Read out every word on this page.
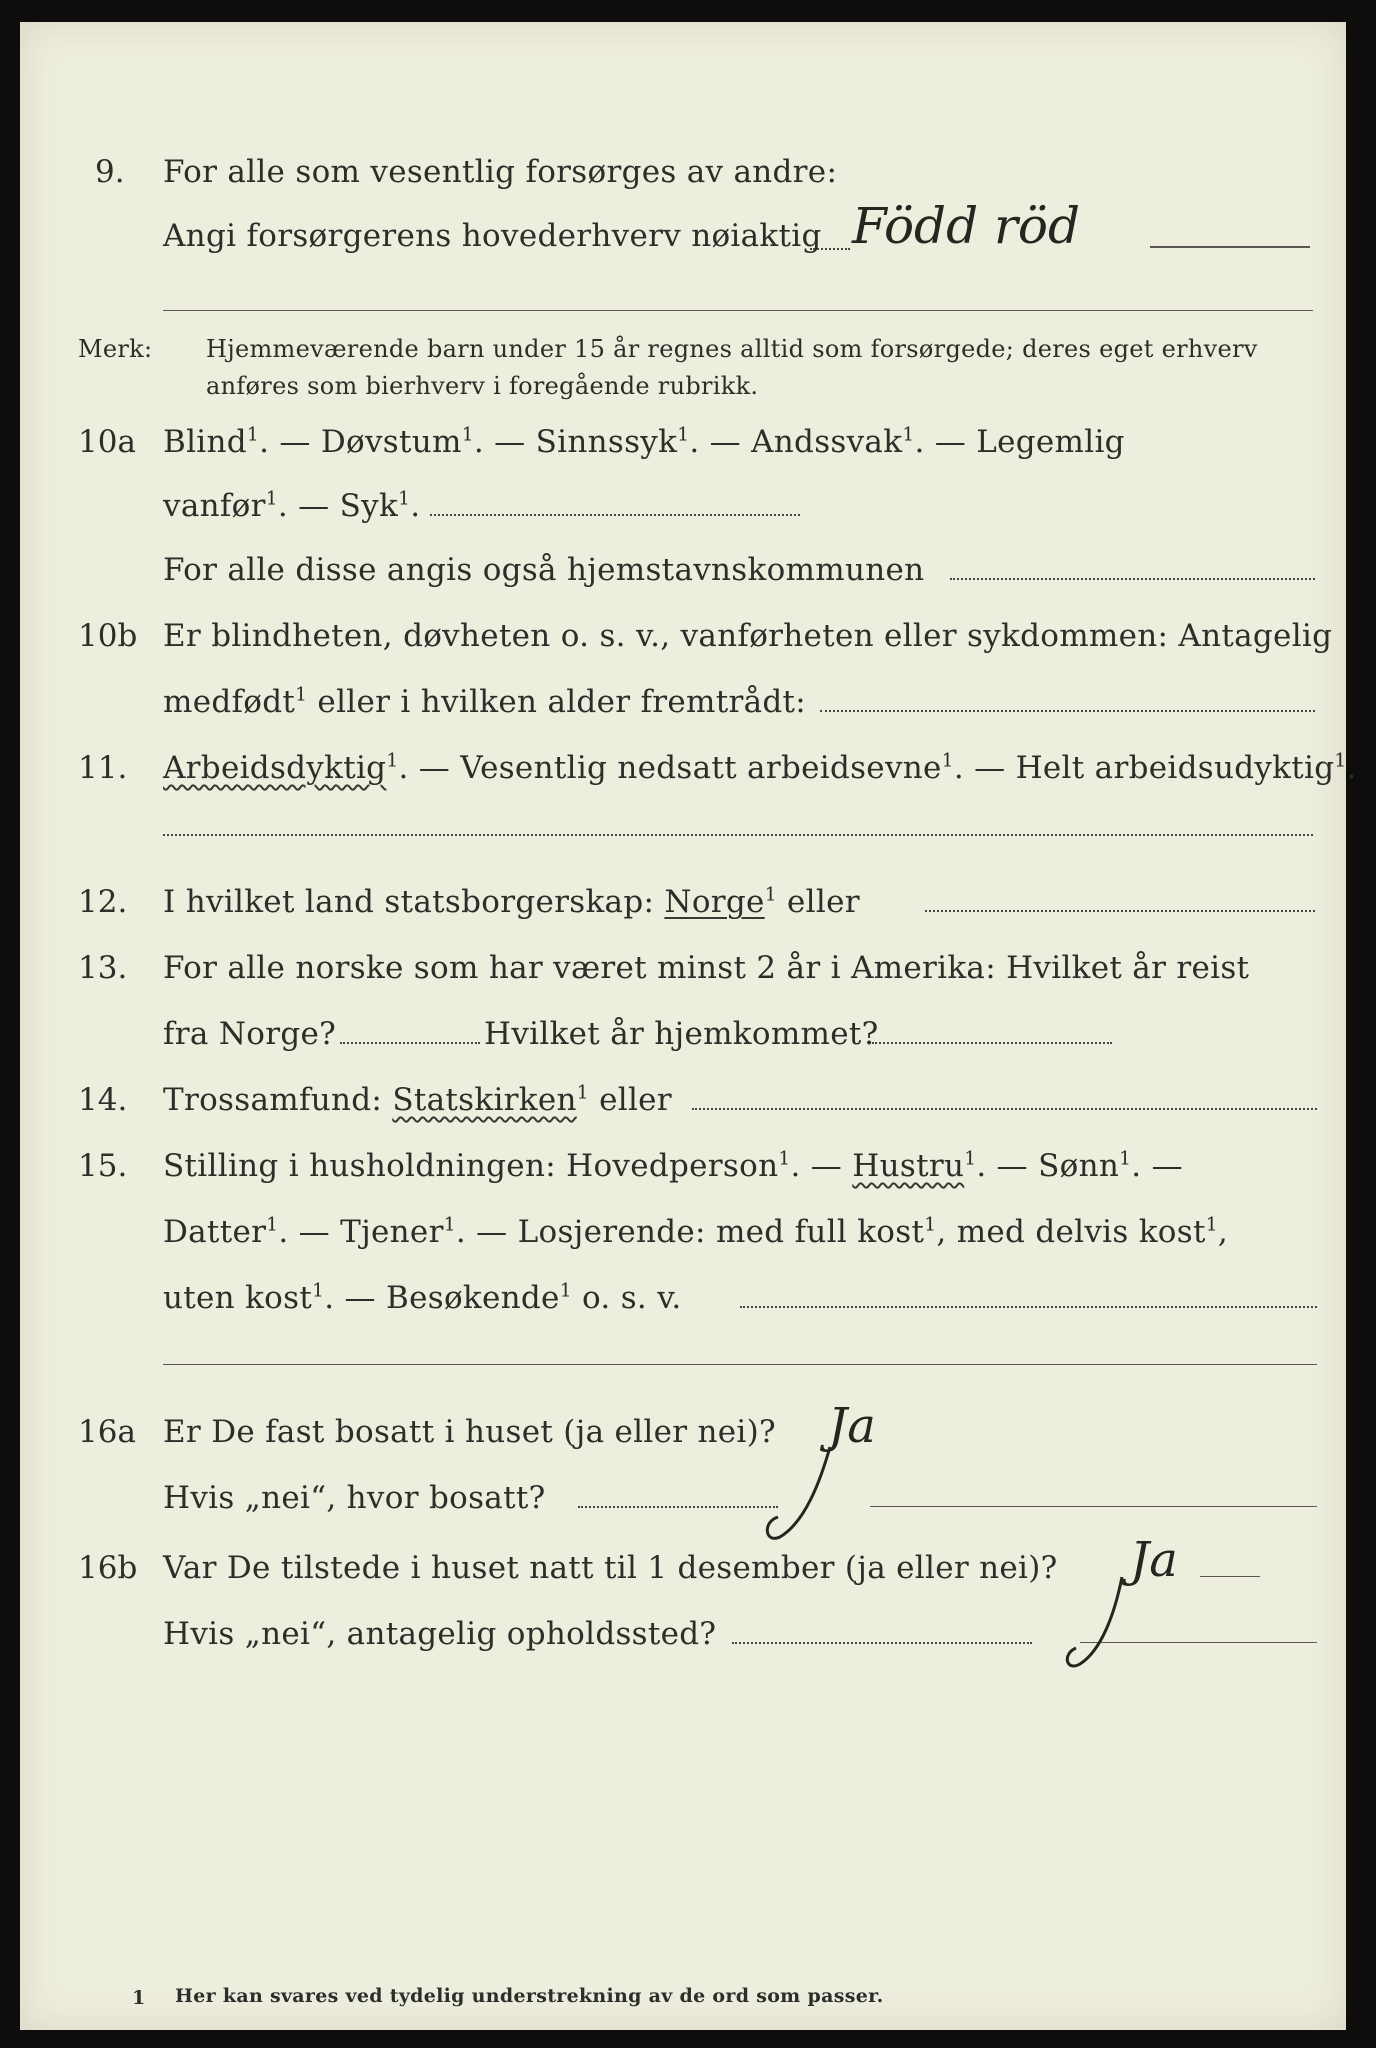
9. For alle som vesentlig forsørges av andre:
Angi forsørgerens hovederhverv nøiaktig Född röd
Merk: Hjemmeværende barn under 15 år regnes alltid som forsørgede; deres eget erhverv
anføres som bierhverv i foregående rubrikk.
10a Blind$^1$. — Døvstum$^1$. — Sinnssyk$^1$. — Andssvak$^1$. — Legemlig
vanfør$^1$. — Syk$^1$.
For alle disse angis også hjemstavnskommunen
10b Er blindheten, døvheten o. s. v., vanførheten eller sykdommen: Antagelig
medfødt$^1$ eller i hvilken alder fremtrådt:
11. Arbeidsdyktig$^1$. — Vesentlig nedsatt arbeidsevne$^1$. — Helt arbeidsudyktig$^1$.
12. I hvilket land statsborgerskap: Norge$^1$ eller
13. For alle norske som har været minst 2 år i Amerika: Hvilket år reist
fra Norge?	Hvilket år hjemkommet?
14. Trossamfund: Statskirken$^1$ eller
15. Stilling i husholdningen: Hovedperson$^1$. — Hustru$^1$. — Sønn$^1$. —
Datter$^1$. — Tjener$^1$. — Losjerende: med full kost$^1$, med delvis kost$^1$,
uten kost$^1$. — Besøkende$^1$ o. s. v.
16a Er De fast bosatt i huset (ja eller nei)? Ja
Hvis „nei“, hvor bosatt?
16b Var De tilstede i huset natt til 1 desember (ja eller nei)? Ja
Hvis „nei“, antagelig opholdssted?
1 Her kan svares ved tydelig understrekning av de ord som passer.
